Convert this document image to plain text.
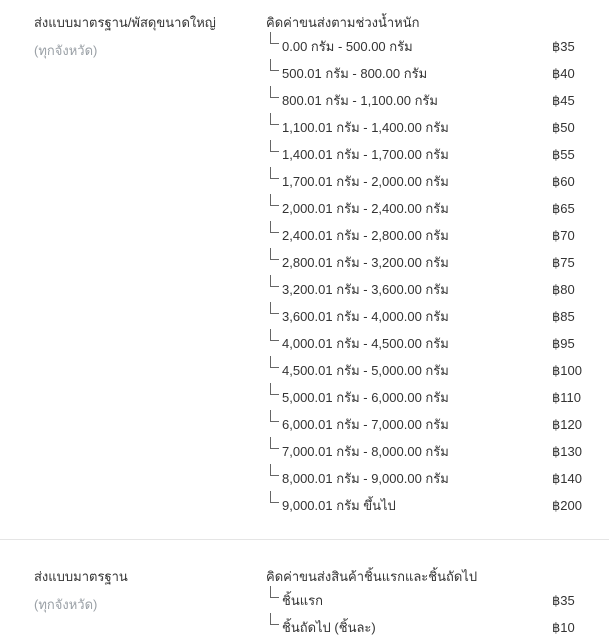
ส่งแบบมาตรฐาน/พัสดุขนาดใหญ่
(ทุกจังหวัด)
คิดค่าขนส่งตามช่วงน้ำหนัก
0.00 กรัม - 500.00 กรัม	฿35
500.01 กรัม - 800.00 กรัม	฿40
800.01 กรัม - 1,100.00 กรัม	฿45
1,100.01 กรัม - 1,400.00 กรัม	฿50
1,400.01 กรัม - 1,700.00 กรัม	฿55
1,700.01 กรัม - 2,000.00 กรัม	฿60
2,000.01 กรัม - 2,400.00 กรัม	฿65
2,400.01 กรัม - 2,800.00 กรัม	฿70
2,800.01 กรัม - 3,200.00 กรัม	฿75
3,200.01 กรัม - 3,600.00 กรัม	฿80
3,600.01 กรัม - 4,000.00 กรัม	฿85
4,000.01 กรัม - 4,500.00 กรัม	฿95
4,500.01 กรัม - 5,000.00 กรัม	฿100
5,000.01 กรัม - 6,000.00 กรัม	฿110
6,000.01 กรัม - 7,000.00 กรัม	฿120
7,000.01 กรัม - 8,000.00 กรัม	฿130
8,000.01 กรัม - 9,000.00 กรัม	฿140
9,000.01 กรัม ขึ้นไป	฿200
ส่งแบบมาตรฐาน
(ทุกจังหวัด)
คิดค่าขนส่งสินค้าชิ้นแรกและชิ้นถัดไป
ชิ้นแรก	฿35
ชิ้นถัดไป (ชิ้นละ)	฿10
